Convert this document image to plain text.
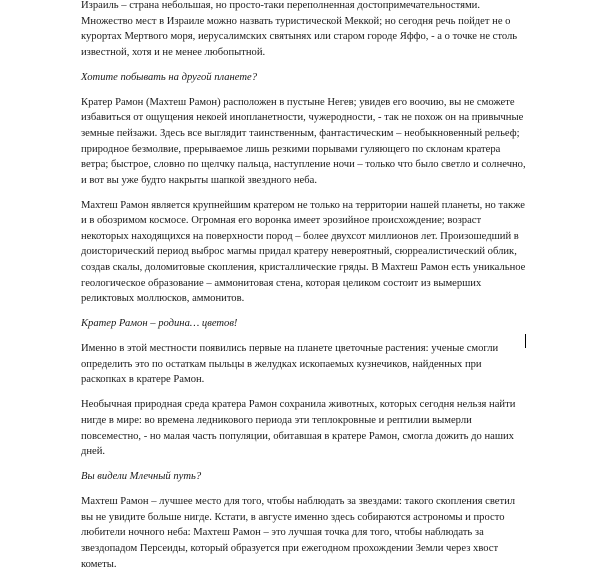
Израиль – страна небольшая, но просто-таки переполненная достопримечательностями. Множество мест в Израиле можно назвать туристической Меккой; но сегодня речь пойдет не о курортах Мертвого моря, иерусалимских святынях или старом городе Яффо, - а о точке не столь известной, хотя и не менее любопытной.

Хотите побывать на другой планете?

Кратер Рамон (Махтеш Рамон) расположен в пустыне Негев; увидев его воочию, вы не сможете избавиться от ощущения некоей инопланетности, чужеродности, - так не похож он на привычные земные пейзажи. Здесь все выглядит таинственным, фантастическим – необыкновенный рельеф; природное безмолвие, прерываемое лишь резкими порывами гуляющего по склонам кратера ветра; быстрое, словно по щелчку пальца, наступление ночи – только что было светло и солнечно, и вот вы уже будто накрыты шапкой звездного неба.

Махтеш Рамон является крупнейшим кратером не только на территории нашей планеты, но также и в обозримом космосе. Огромная его воронка имеет эрозийное происхождение; возраст некоторых находящихся на поверхности пород – более двухсот миллионов лет. Произошедший в доисторический период выброс магмы придал кратеру невероятный, сюрреалистический облик, создав скалы, доломитовые скопления, кристаллические гряды. В Махтеш Рамон есть уникальное геологическое образование – аммонитовая стена, которая целиком состоит из вымерших реликтовых моллюсков, аммонитов.

Кратер Рамон – родина… цветов!

Именно в этой местности появились первые на планете цветочные растения: ученые смогли определить это по остаткам пыльцы в желудках ископаемых кузнечиков, найденных при раскопках в кратере Рамон.

Необычная природная среда кратера Рамон сохранила животных, которых сегодня нельзя найти нигде в мире: во времена ледникового периода эти теплокровные и рептилии вымерли повсеместно, - но малая часть популяции, обитавшая в кратере Рамон, смогла дожить до наших дней.

Вы видели Млечный путь?

Махтеш Рамон – лучшее место для того, чтобы наблюдать за звездами: такого скопления светил вы не увидите больше нигде. Кстати, в августе именно здесь собираются астрономы и просто любители ночного неба: Махтеш Рамон – это лучшая точка для того, чтобы наблюдать за звездопадом Персеиды, который образуется при ежегодном прохождении Земли через хвост кометы.
